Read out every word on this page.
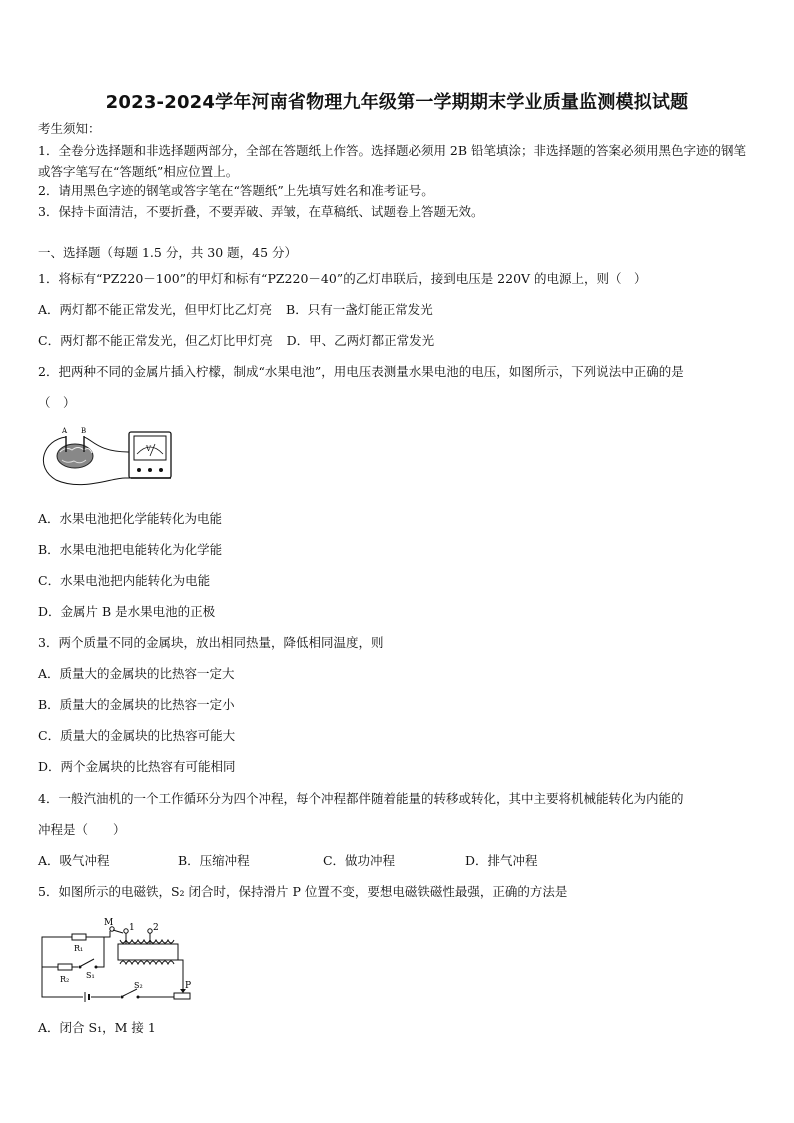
2023-2024学年河南省物理九年级第一学期期末学业质量监测模拟试题
考生须知：
1．全卷分选择题和非选择题两部分，全部在答题纸上作答。选择题必须用 2B 铅笔填涂；非选择题的答案必须用黑色字迹的钢笔或答字笔写在“答题纸”相应位置上。
2．请用黑色字迹的钢笔或答字笔在“答题纸”上先填写姓名和准考证号。
3．保持卡面清洁，不要折叠，不要弄破、弄皱，在草稿纸、试题卷上答题无效。
一、选择题（每题 1.5 分，共 30 题，45 分）
1．将标有“PZ220－100”的甲灯和标有“PZ220－40”的乙灯串联后，接到电压是 220V 的电源上，则（　）
A．两灯都不能正常发光，但甲灯比乙灯亮 B．只有一盏灯能正常发光
C．两灯都不能正常发光，但乙灯比甲灯亮 D．甲、乙两灯都正常发光
2．把两种不同的金属片插入柠檬，制成“水果电池”，用电压表测量水果电池的电压，如图所示，下列说法中正确的是
（　）
A B
V
A．水果电池把化学能转化为电能
B．水果电池把电能转化为化学能
C．水果电池把内能转化为电能
D．金属片 B 是水果电池的正极
3．两个质量不同的金属块，放出相同热量，降低相同温度，则
A．质量大的金属块的比热容一定大
B．质量大的金属块的比热容一定小
C．质量大的金属块的比热容可能大
D．两个金属块的比热容有可能相同
4．一般汽油机的一个工作循环分为四个冲程，每个冲程都伴随着能量的转移或转化，其中主要将机械能转化为内能的
冲程是（　　）
A．吸气冲程	B．压缩冲程	C．做功冲程	D．排气冲程
5．如图所示的电磁铁，S₂ 闭合时，保持滑片 P 位置不变，要想电磁铁磁性最强，正确的方法是
S₂	P
1 2
M
R₁
R₂ S₁
A．闭合 S₁，M 接 1
